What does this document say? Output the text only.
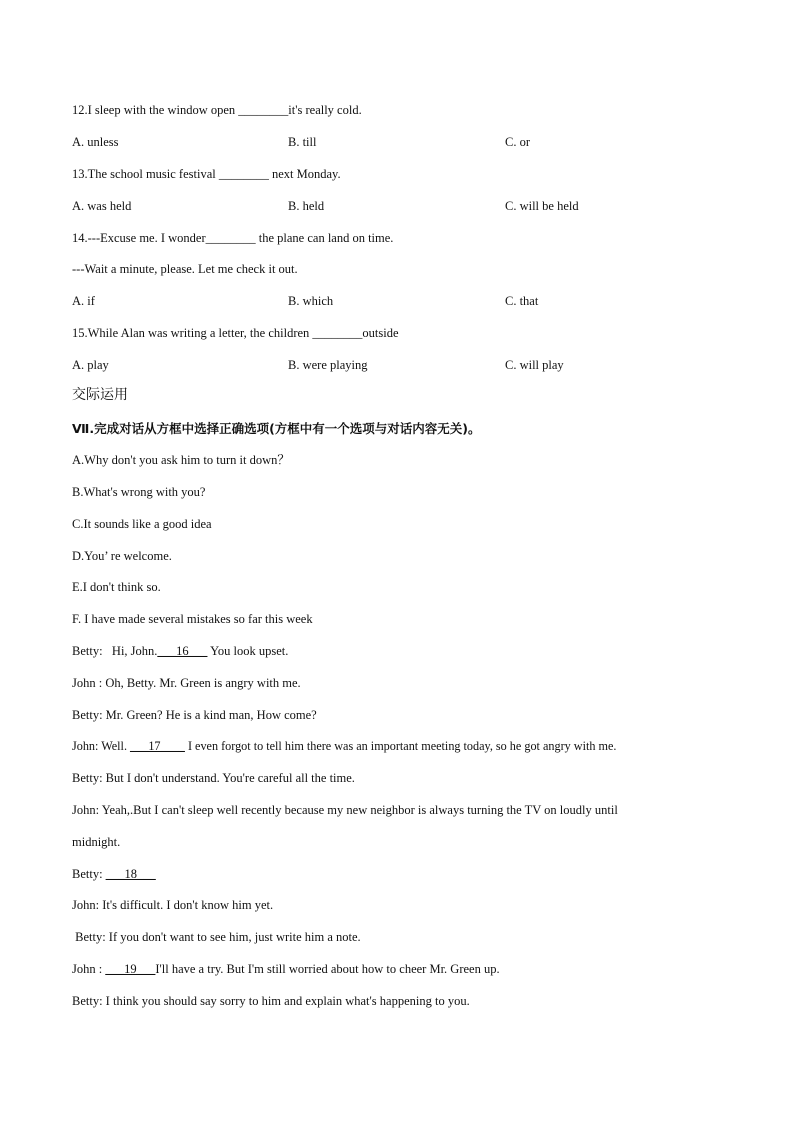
12.I sleep with the window open ________it's really cold.
A. unless	B. till	C. or
13.The school music festival ________ next Monday.
A. was held	B. held	C. will be held
14.---Excuse me. I wonder________ the plane can land on time.
---Wait a minute, please. Let me check it out.
A. if	B. which	C. that
15.While Alan was writing a letter, the children ________outside
A. play	B. were playing	C. will play
交际运用
Ⅶ.完成对话从方框中选择正确选项(方框中有一个选项与对话内容无关)。
A.Why don't you ask him to turn it down？
B.What's wrong with you?
C.It sounds like a good idea
D.You’ re welcome.
E.I don't think so.
F. I have made several mistakes so far this week
Betty:   Hi, John.___16___ You look upset.
John : Oh, Betty. Mr. Green is angry with me.
Betty: Mr. Green? He is a kind man, How come?
John: Well. ___17____ I even forgot to tell him there was an important meeting today, so he got angry with me.
Betty: But I don't understand. You're careful all the time.
John: Yeah,.But I can't sleep well recently because my new neighbor is always turning the TV on loudly until
midnight.
Betty: ___18___
John: It's difficult. I don't know him yet.
Betty: If you don't want to see him, just write him a note.
John : ___19___I'll have a try. But I'm still worried about how to cheer Mr. Green up.
Betty: I think you should say sorry to him and explain what's happening to you.
